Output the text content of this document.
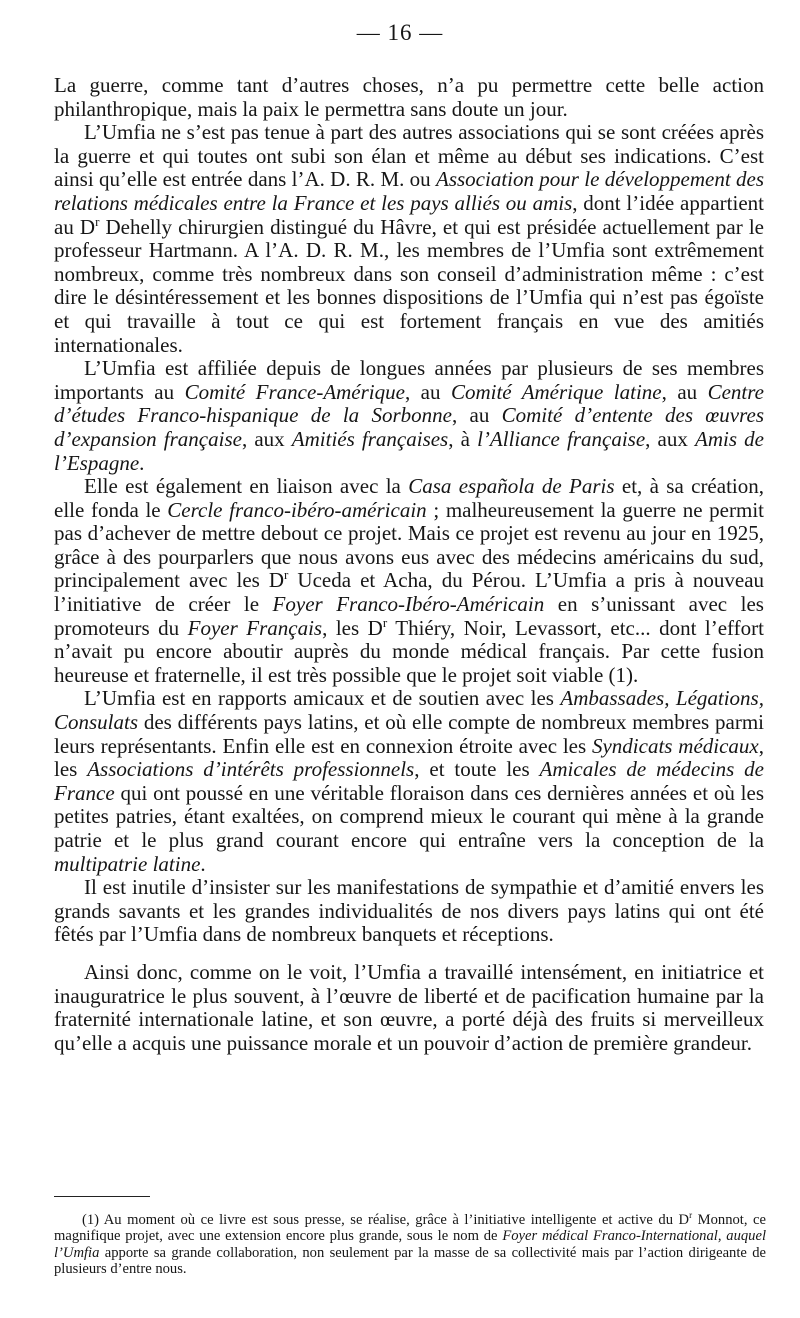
— 16 —

La guerre, comme tant d’autres choses, n’a pu permettre cette belle action philanthropique, mais la paix le permettra sans doute un jour.

L’Umfia ne s’est pas tenue à part des autres associations qui se sont créées après la guerre et qui toutes ont subi son élan et même au début ses indications. C’est ainsi qu’elle est entrée dans l’A. D. R. M. ou Association pour le développement des relations médicales entre la France et les pays alliés ou amis, dont l’idée appartient au $D^r$ Dehelly chirurgien distingué du Hâvre, et qui est présidée actuellement par le professeur Hartmann. A l’A. D. R. M., les membres de l’Umfia sont extrêmement nombreux, comme très nombreux dans son conseil d’administration même : c’est dire le désintéressement et les bonnes dispositions de l’Umfia qui n’est pas égoïste et qui travaille à tout ce qui est fortement français en vue des amitiés internationales.

L’Umfia est affiliée depuis de longues années par plusieurs de ses membres importants au Comité France-Amérique, au Comité Amérique latine, au Centre d’études Franco-hispanique de la Sorbonne, au Comité d’entente des œuvres d’expansion française, aux Amitiés françaises, à l’Alliance française, aux Amis de l’Espagne.

Elle est également en liaison avec la Casa española de Paris et, à sa création, elle fonda le Cercle franco-ibéro-américain ; malheureusement la guerre ne permit pas d’achever de mettre debout ce projet. Mais ce projet est revenu au jour en 1925, grâce à des pourparlers que nous avons eus avec des médecins américains du sud, principalement avec les $D^r$ Uceda et Acha, du Pérou. L’Umfia a pris à nouveau l’initiative de créer le Foyer Franco-Ibéro-Américain en s’unissant avec les promoteurs du Foyer Français, les $D^r$ Thiéry, Noir, Levassort, etc... dont l’effort n’avait pu encore aboutir auprès du monde médical français. Par cette fusion heureuse et fraternelle, il est très possible que le projet soit viable (1).

L’Umfia est en rapports amicaux et de soutien avec les Ambassades, Légations, Consulats des différents pays latins, et où elle compte de nombreux membres parmi leurs représentants. Enfin elle est en connexion étroite avec les Syndicats médicaux, les Associations d’intérêts professionnels, et toute les Amicales de médecins de France qui ont poussé en une véritable floraison dans ces dernières années et où les petites patries, étant exaltées, on comprend mieux le courant qui mène à la grande patrie et le plus grand courant encore qui entraîne vers la conception de la multipatrie latine.

Il est inutile d’insister sur les manifestations de sympathie et d’amitié envers les grands savants et les grandes individualités de nos divers pays latins qui ont été fêtés par l’Umfia dans de nombreux banquets et réceptions.

Ainsi donc, comme on le voit, l’Umfia a travaillé intensément, en initiatrice et inauguratrice le plus souvent, à l’œuvre de liberté et de pacification humaine par la fraternité internationale latine, et son œuvre, a porté déjà des fruits si merveilleux qu’elle a acquis une puissance morale et un pouvoir d’action de première grandeur.

(1) Au moment où ce livre est sous presse, se réalise, grâce à l’initiative intelligente et active du $D^r$ Monnot, ce magnifique projet, avec une extension encore plus grande, sous le nom de Foyer médical Franco-International, auquel l’Umfia apporte sa grande collaboration, non seulement par la masse de sa collectivité mais par l’action dirigeante de plusieurs d’entre nous.
